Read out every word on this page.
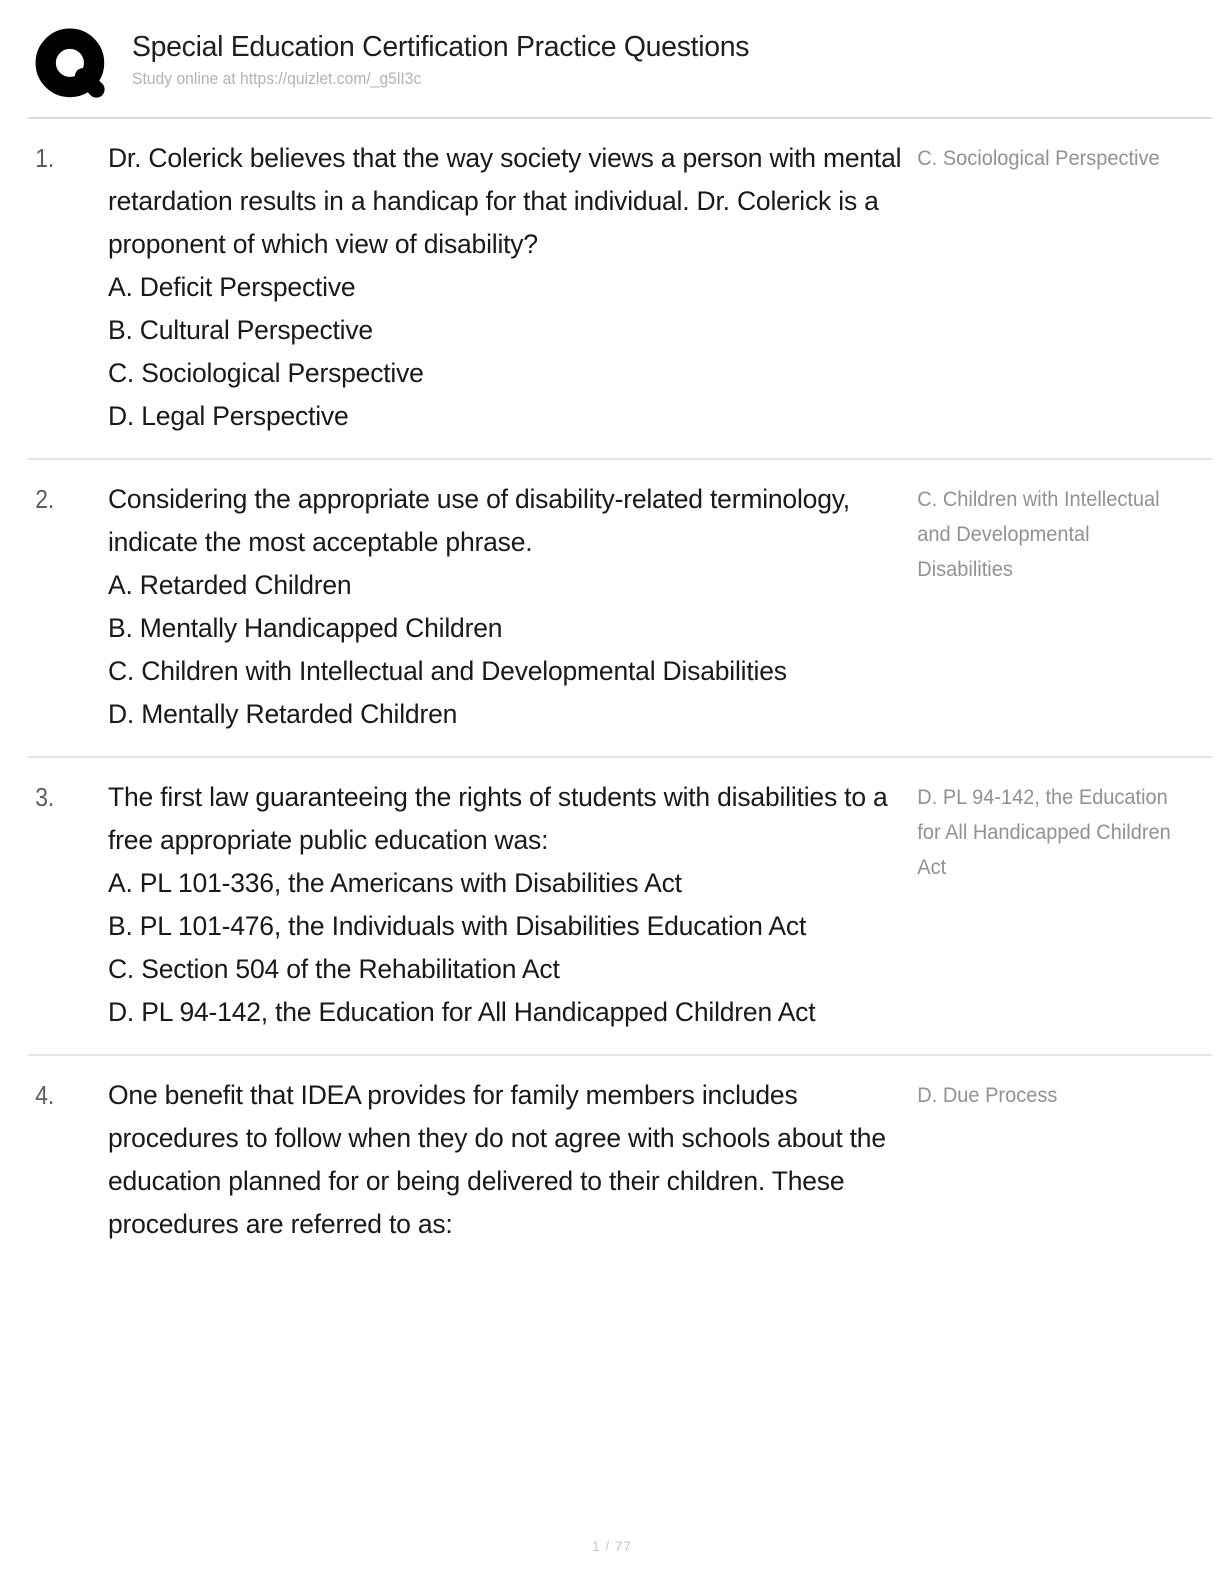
Special Education Certification Practice Questions
Study online at https://quizlet.com/_g5lI3c
1.	Dr. Colerick believes that the way society views a person with mental retardation results in a handicap for that individual. Dr. Colerick is a proponent of which view of disability?
A. Deficit Perspective
B. Cultural Perspective
C. Sociological Perspective
D. Legal Perspective
C. Sociological Perspective
2.	Considering the appropriate use of disability-related terminology, indicate the most acceptable phrase.
A. Retarded Children
B. Mentally Handicapped Children
C. Children with Intellectual and Developmental Disabilities
D. Mentally Retarded Children
C. Children with Intellectual and Developmental Disabilities
3.	The first law guaranteeing the rights of students with disabilities to a free appropriate public education was:
A. PL 101-336, the Americans with Disabilities Act
B. PL 101-476, the Individuals with Disabilities Education Act
C. Section 504 of the Rehabilitation Act
D. PL 94-142, the Education for All Handicapped Children Act
D. PL 94-142, the Education for All Handicapped Children Act
4.	One benefit that IDEA provides for family members includes procedures to follow when they do not agree with schools about the education planned for or being delivered to their children. These procedures are referred to as:
D. Due Process
1 / 77
